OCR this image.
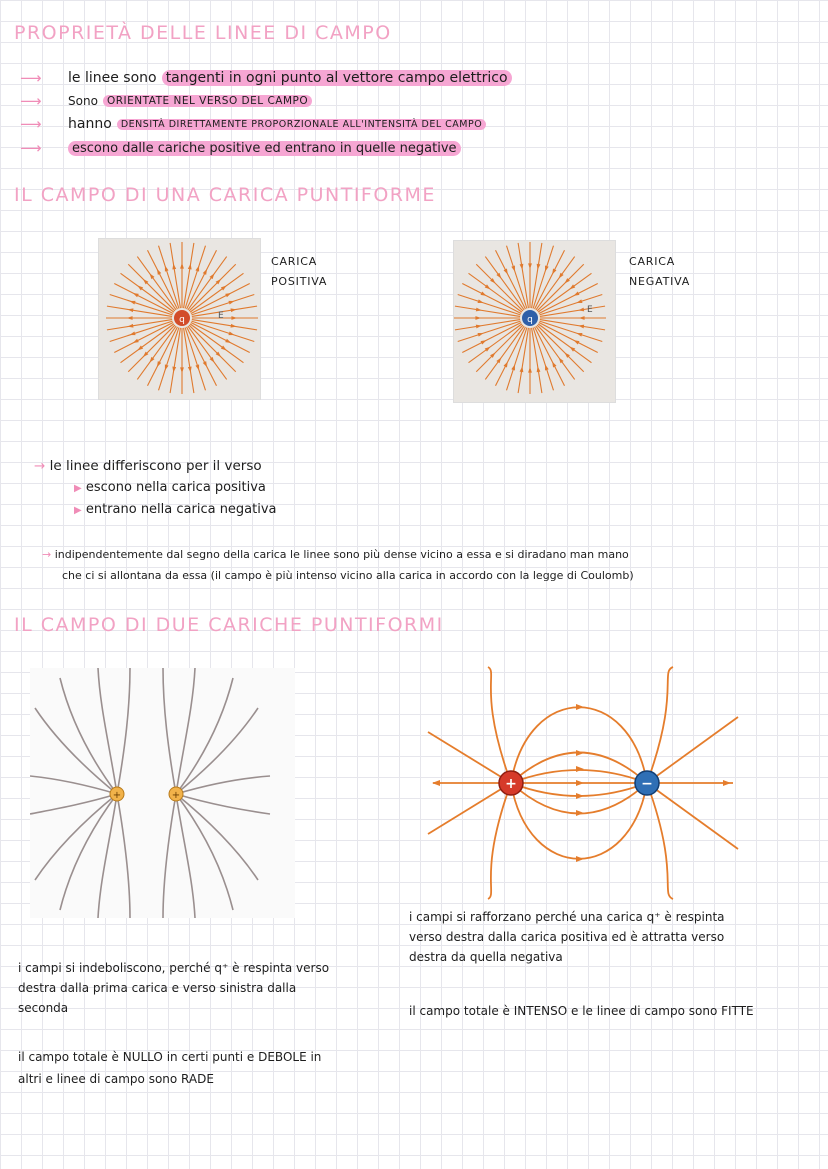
PROPRIETÀ DELLE LINEE DI CAMPO
⟶	le linee sono
tangenti in ogni punto al vettore campo elettrico
⟶	Sono
ORIENTATE NEL VERSO DEL CAMPO
⟶	hanno
DENSITÀ DIRETTAMENTE PROPORZIONALE ALL'INTENSITÀ DEL CAMPO
⟶	escono dalle cariche positive ed entrano in quelle negative
IL CAMPO DI UNA CARICA PUNTIFORME
q	E
CARICA
POSITIVA
q
E
CARICA
NEGATIVA
→ le linee differiscono per il verso
▶ escono nella carica positiva
▶ entrano nella carica negativa
→ indipendentemente dal segno della carica le linee sono più dense vicino a essa e si diradano man mano
che ci si allontana da essa (il campo è più intenso vicino alla carica in accordo con la legge di Coulomb)
IL CAMPO DI DUE CARICHE PUNTIFORMI
+	+
+	−
i campi si rafforzano perché una carica q⁺ è respinta
verso destra dalla carica positiva ed è attratta verso
destra da quella negativa
il campo totale è INTENSO e le linee di campo sono FITTE
i campi si indeboliscono, perché q⁺ è respinta verso
destra dalla prima carica e verso sinistra dalla
seconda
il campo totale è NULLO in certi punti e DEBOLE in
altri e linee di campo sono RADE
